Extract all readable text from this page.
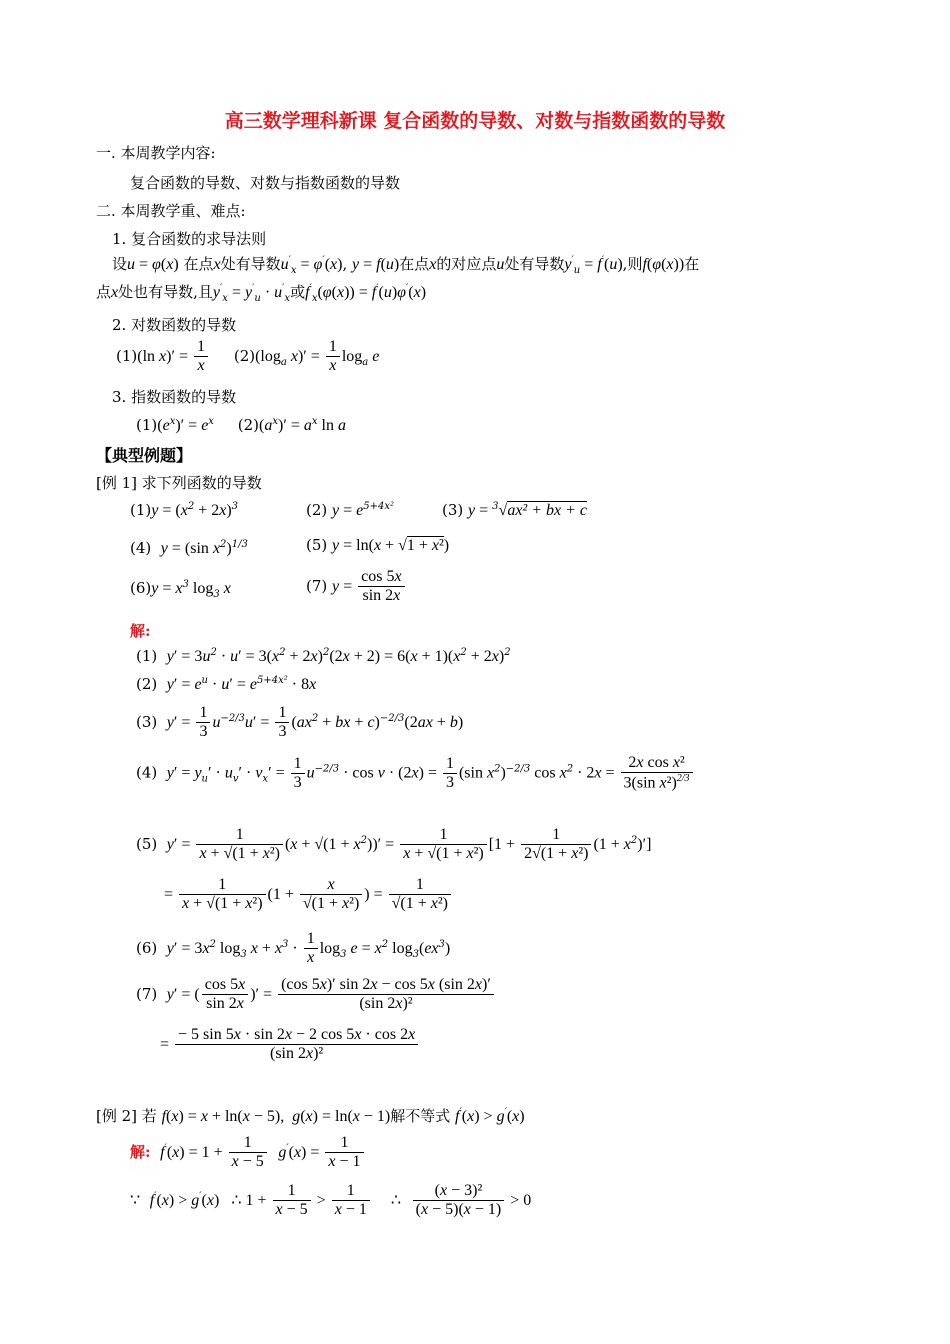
高三数学理科新课 复合函数的导数、对数与指数函数的导数
一. 本周教学内容:
复合函数的导数、对数与指数函数的导数
二. 本周教学重、难点:
1. 复合函数的求导法则
设u = φ(x) 在点x处有导数$u'_x = \varphi'(x)$, y = f(u)在点x的对应点u处有导数$y'_u = f'(u)$,则f(φ(x))在
点x处也有导数,且$y'_x = y'_u \cdot u'_x$或$f'_x(\varphi(x)) = f'(u)\varphi'(x)$
2. 对数函数的导数
(1)(ln $x)' = \frac{1}{x} (2)(\log_a$ $x)' = \frac{1}{x} \log_a e$
3. 指数函数的导数
$(1)(e^x)' = e^x$ $(2)(a^x)' = a^x$ ln a
【典型例题】
[例 1] 求下列函数的导数
$(1)y = (x^2 + 2x)^3$	(2) $y = e^{5+4x^2}$	(3) y = $^3$√ax² + bx + c
(4) y = (sin $x^2)^{1/3}$	(5) y = ln(x + √1 + x²)
$(6)y = x^3$ $\log_3 x$	(7) $y = \frac{\cos 5x}{\sin 2x}$
解:
(1) $y' = 3u^2 \cdot u' = 3(x^2 + 2x)^2(2x + 2) = 6(x + 1)(x^2 + 2x)^2$
(2) $y' = e^u \cdot u' = e^{5+4x^2} \cdot 8x$
(3) $y' = \frac{1}{3} u^{-2/3}u' = \frac{1}{3} (ax^2$ + bx + c)$^{-2/3}$(2ax + b)
(4) $y' = y_u' \cdot u_v' \cdot v_x' = \frac{1}{3} u^{-2/3} \cdot \cos v \cdot (2x) = \frac{1}{3} (\sin$ $x^2)^{-2/3}$ $\cos x^2 \cdot 2x = \frac{\text{2x cos x²}}{3(\sin x^2)^{2/3}}$
(5) $y' = \frac{1}{\text{x + √(1 + x²)}} (x + √(1 + x^2))' = \frac{1}{\text{x + √(1 + x²)}} [1 + \frac{1}{\text{2√(1 + x²)}} (1 + x^2)']$
= $\frac{1}{\text{x + √(1 + x²)}} (1 + \frac{x}{\text{√(1 + x²)}}$ ) = $\frac{1}{\text{√(1 + x²)}}$
(6) $y' = 3x^2$ $\log_3 x + x^3 \cdot \frac{1}{x} \log_3 e = x^2$ $\log_3(ex^3)$
(7) y′ = ( $\frac{\cos 5x}{\sin 2x}$ )′ = $\frac{(\cos 5x)' \sin 2x - \cos 5x (\sin 2x)'}{\text{(sin 2x)²}}$
= $\frac{- 5 \sin 5x \cdot \sin 2x - 2 \cos 5x \cdot \cos 2x}{\text{(sin 2x)²}}$
[例 2] 若 f(x) = x + ln(x − 5),  g(x) = ln(x − 1)解不等式 f′(x) > g′(x)
解: $f'(x) = 1 + \frac{1}{x - 5} g'(x) = \frac{1}{x - 1}$
∵ f′(x) > g′(x)   ∴ $1 + \frac{1}{x - 5} > \frac{1}{x - 1}$ ∴ $\frac{\text{(x − 3)²}}{(x - 5)(x - 1)} > 0$
